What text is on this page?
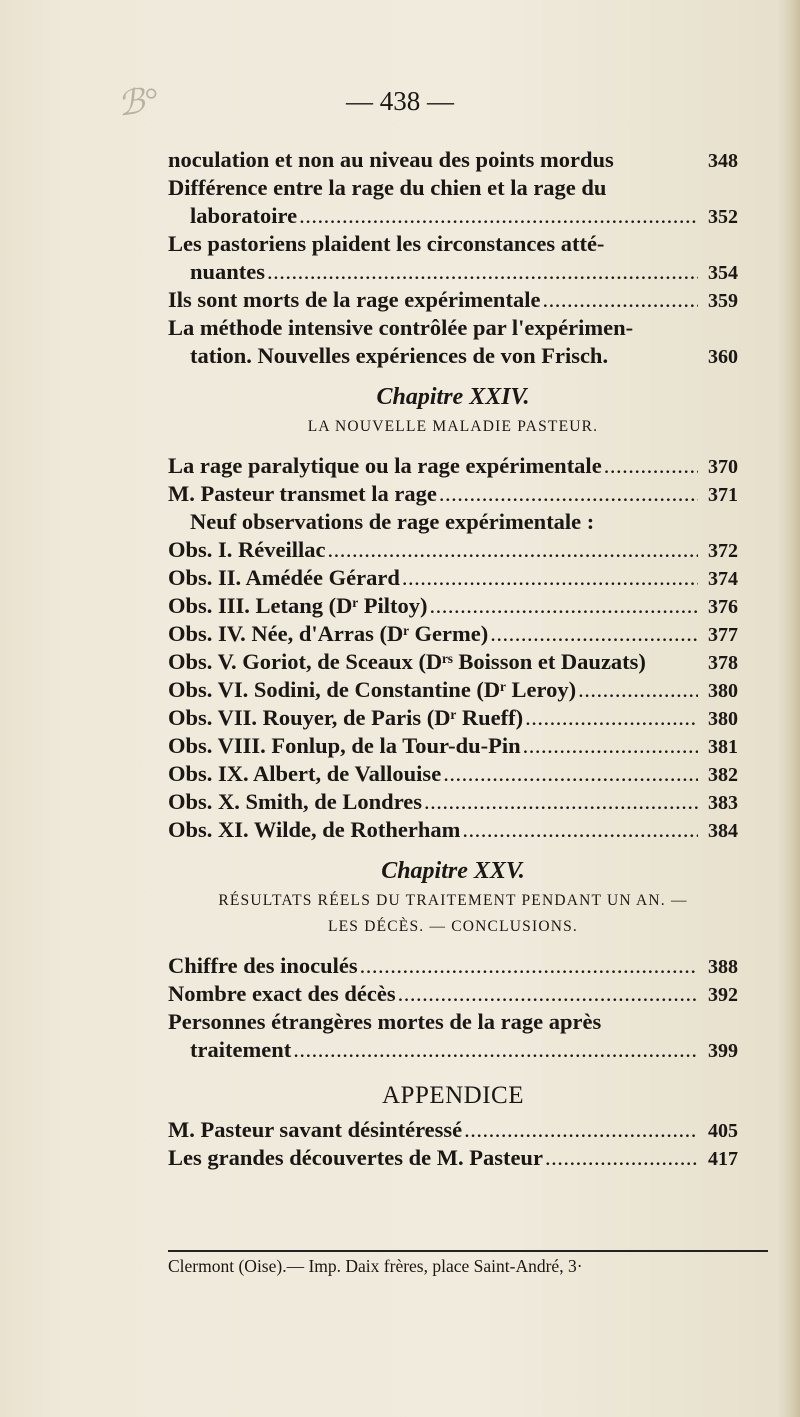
ℬ°	— 438 —
noculation et non au niveau des points mordus	348
Différence entre la rage du chien et la rage du
laboratoire .....	352
Les pastoriens plaident les circonstances atté-
nuantes .....	354
Ils sont morts de la rage expérimentale .....	359
La méthode intensive contrôlée par l'expérimen-
tation. Nouvelles expériences de von Frisch.	360
Chapitre XXIV.
LA NOUVELLE MALADIE PASTEUR.
La rage paralytique ou la rage expérimentale .....	370
M. Pasteur transmet la rage .....	371
Neuf observations de rage expérimentale :
Obs. I. Réveillac .....	372
Obs. II. Amédée Gérard .....	374
Obs. III. Letang (Dʳ Piltoy) .....	376
Obs. IV. Née, d'Arras (Dʳ Germe) .....	377
Obs. V. Goriot, de Sceaux (Dʳˢ Boisson et Dauzats)	378
Obs. VI. Sodini, de Constantine (Dʳ Leroy) .....	380
Obs. VII. Rouyer, de Paris (Dʳ Rueff) .....	380
Obs. VIII. Fonlup, de la Tour-du-Pin .....	381
Obs. IX. Albert, de Vallouise .....	382
Obs. X. Smith, de Londres .....	383
Obs. XI. Wilde, de Rotherham .....	384
Chapitre XXV.
RÉSULTATS RÉELS DU TRAITEMENT PENDANT UN AN. —
LES DÉCÈS. — CONCLUSIONS.
Chiffre des inoculés .....	388
Nombre exact des décès .....	392
Personnes étrangères mortes de la rage après
traitement .....	399
APPENDICE
M. Pasteur savant désintéressé .....	405
Les grandes découvertes de M. Pasteur .....	417
Clermont (Oise).— Imp. Daix frères, place Saint-André, 3·
